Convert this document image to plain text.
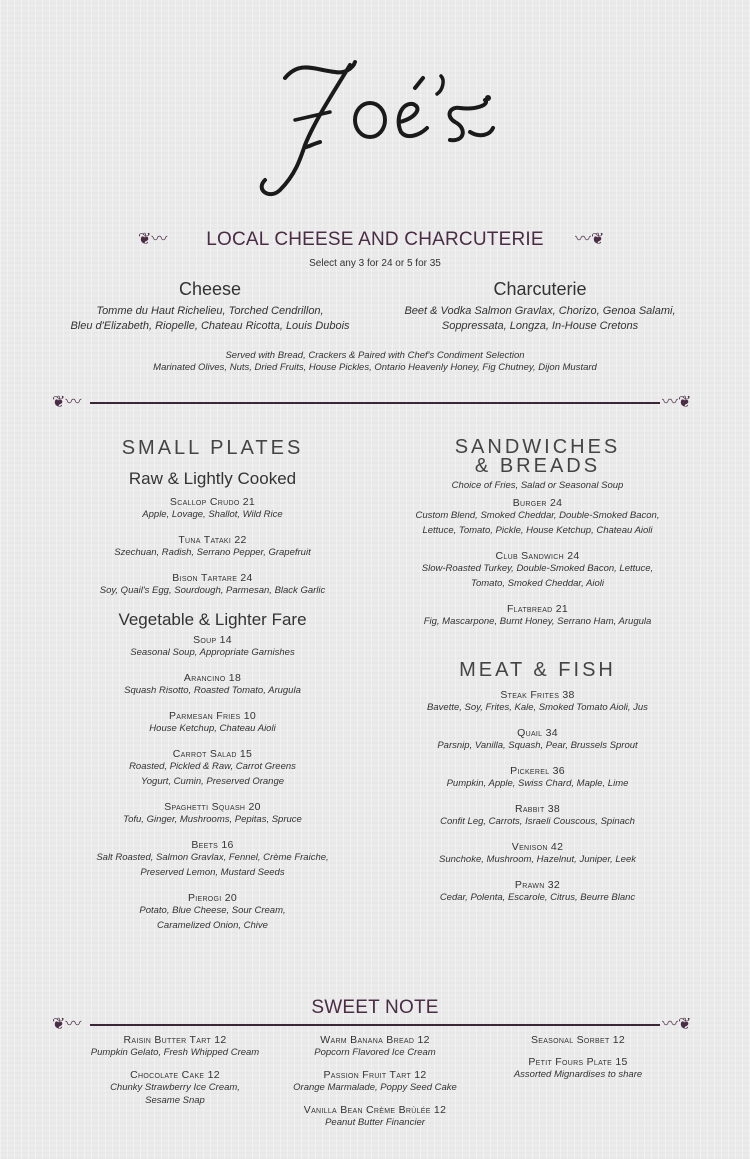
❦〰	〰❦
LOCAL CHEESE AND CHARCUTERIE
Select any 3 for 24 or 5 for 35
Cheese
Tomme du Haut Richelieu, Torched Cendrillon,
Bleu d'Elizabeth, Riopelle, Chateau Ricotta, Louis Dubois
Charcuterie
Beet & Vodka Salmon Gravlax, Chorizo, Genoa Salami,
Soppressata, Longza, In-House Cretons
Served with Bread, Crackers & Paired with Chef's Condiment Selection
Marinated Olives, Nuts, Dried Fruits, House Pickles, Ontario Heavenly Honey, Fig Chutney, Dijon Mustard
❦〰	〰❦
SMALL PLATES
Raw & Lightly Cooked
Scallop Crudo 21
Apple, Lovage, Shallot, Wild Rice
Tuna Tataki 22
Szechuan, Radish, Serrano Pepper, Grapefruit
Bison Tartare 24
Soy, Quail's Egg, Sourdough, Parmesan, Black Garlic
Vegetable & Lighter Fare
Soup 14
Seasonal Soup, Appropriate Garnishes
Arancino 18
Squash Risotto, Roasted Tomato, Arugula
Parmesan Fries 10
House Ketchup, Chateau Aioli
Carrot Salad 15
Roasted, Pickled & Raw, Carrot Greens
Yogurt, Cumin, Preserved Orange
Spaghetti Squash 20
Tofu, Ginger, Mushrooms, Pepitas, Spruce
Beets 16
Salt Roasted, Salmon Gravlax, Fennel, Crème Fraiche,
Preserved Lemon, Mustard Seeds
Pierogi 20
Potato, Blue Cheese, Sour Cream,
Caramelized Onion, Chive
SANDWICHES
& BREADS
Choice of Fries, Salad or Seasonal Soup
Burger 24
Custom Blend, Smoked Cheddar, Double-Smoked Bacon,
Lettuce, Tomato, Pickle, House Ketchup, Chateau Aioli
Club Sandwich 24
Slow-Roasted Turkey, Double-Smoked Bacon, Lettuce,
Tomato, Smoked Cheddar, Aioli
Flatbread 21
Fig, Mascarpone, Burnt Honey, Serrano Ham, Arugula
MEAT & FISH
Steak Frites 38
Bavette, Soy, Frites, Kale, Smoked Tomato Aioli, Jus
Quail 34
Parsnip, Vanilla, Squash, Pear, Brussels Sprout
Pickerel 36
Pumpkin, Apple, Swiss Chard, Maple, Lime
Rabbit 38
Confit Leg, Carrots, Israeli Couscous, Spinach
Venison 42
Sunchoke, Mushroom, Hazelnut, Juniper, Leek
Prawn 32
Cedar, Polenta, Escarole, Citrus, Beurre Blanc
SWEET NOTE
❦〰	〰❦
Raisin Butter Tart 12
Pumpkin Gelato, Fresh Whipped Cream
Chocolate Cake 12
Chunky Strawberry Ice Cream,
Sesame Snap
Warm Banana Bread 12
Popcorn Flavored Ice Cream
Passion Fruit Tart 12
Orange Marmalade, Poppy Seed Cake
Vanilla Bean Crème Brûlée 12
Peanut Butter Financier
Seasonal Sorbet 12
Petit Fours Plate 15
Assorted Mignardises to share
